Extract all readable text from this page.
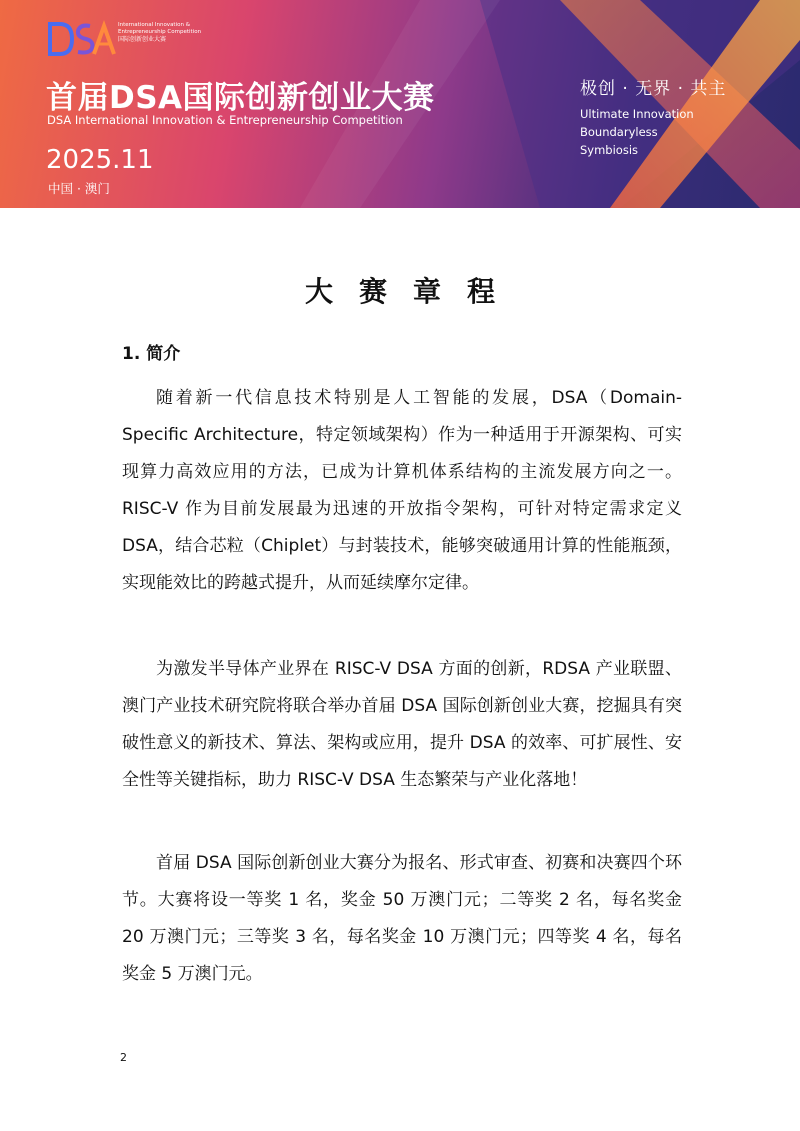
International Innovation & Entrepreneurship Competition
国际创新创业大赛
首届DSA国际创新创业大赛
DSA International Innovation & Entrepreneurship Competition
2025.11
中国 · 澳门
极创 · 无界 · 共主
Ultimate Innovation
Boundaryless
Symbiosis
大赛章程
1. 简介

随着新一代信息技术特别是人工智能的发展，DSA（Domain-Specific Architecture，特定领域架构）作为一种适用于开源架构、可实现算力高效应用的方法，已成为计算机体系结构的主流发展方向之一。RISC-V 作为目前发展最为迅速的开放指令架构，可针对特定需求定义 DSA，结合芯粒（Chiplet）与封装技术，能够突破通用计算的性能瓶颈，实现能效比的跨越式提升，从而延续摩尔定律。

为激发半导体产业界在 RISC-V DSA 方面的创新，RDSA 产业联盟、澳门产业技术研究院将联合举办首届 DSA 国际创新创业大赛，挖掘具有突破性意义的新技术、算法、架构或应用，提升 DSA 的效率、可扩展性、安全性等关键指标，助力 RISC-V DSA 生态繁荣与产业化落地！

首届 DSA 国际创新创业大赛分为报名、形式审查、初赛和决赛四个环节。大赛将设一等奖 1 名，奖金 50 万澳门元；二等奖 2 名，每名奖金 20 万澳门元；三等奖 3 名，每名奖金 10 万澳门元；四等奖 4 名，每名奖金 5 万澳门元。

2
